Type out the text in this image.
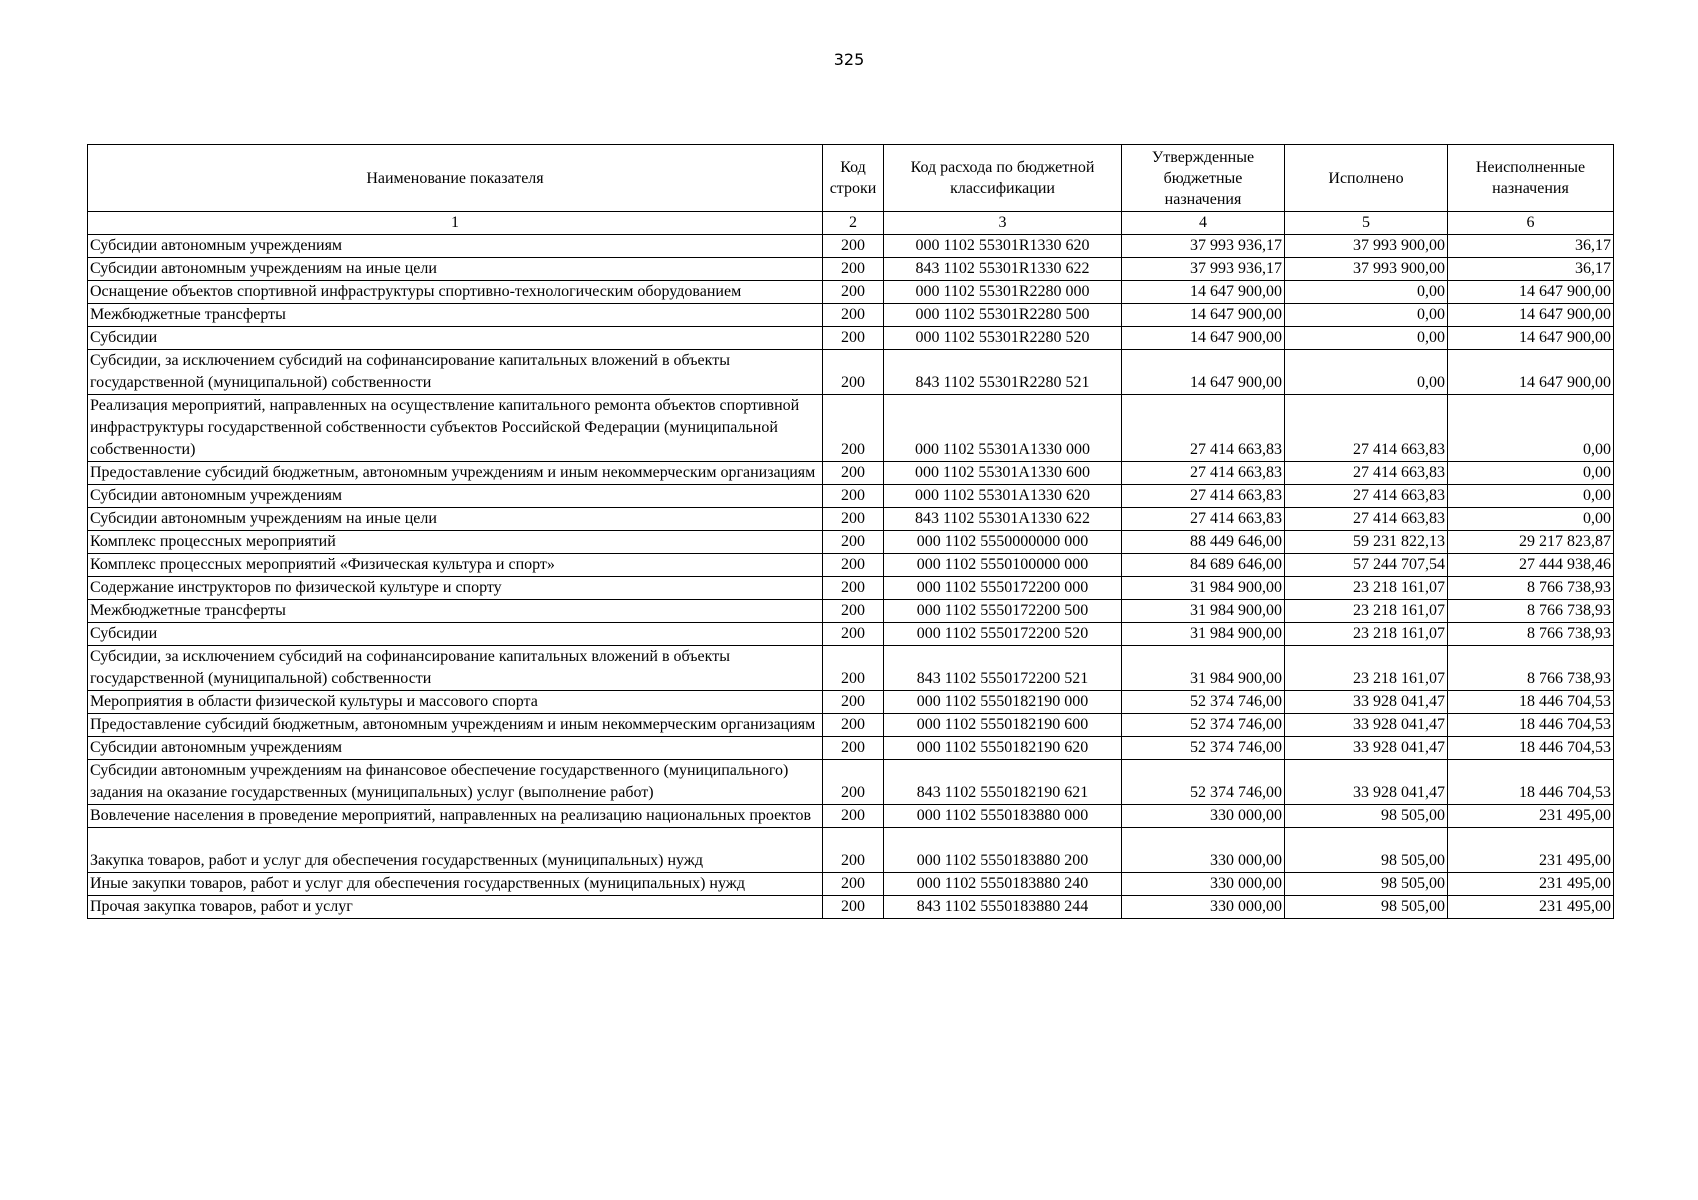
325
Наименование показателя	Код строки	Код расхода по бюджетной классификации	Утвержденные бюджетные назначения	Исполнено	Неисполненные назначения
1	2	3	4	5	6
Субсидии автономным учреждениям	200	000 1102 55301R1330 620	37 993 936,17	37 993 900,00	36,17
Субсидии автономным учреждениям на иные цели	200	843 1102 55301R1330 622	37 993 936,17	37 993 900,00	36,17
Оснащение объектов спортивной инфраструктуры спортивно-технологическим оборудованием	200	000 1102 55301R2280 000	14 647 900,00	0,00	14 647 900,00
Межбюджетные трансферты	200	000 1102 55301R2280 500	14 647 900,00	0,00	14 647 900,00
Субсидии	200	000 1102 55301R2280 520	14 647 900,00	0,00	14 647 900,00
Субсидии, за исключением субсидий на софинансирование капитальных вложений в объекты государственной (муниципальной) собственности	200	843 1102 55301R2280 521	14 647 900,00	0,00	14 647 900,00
Реализация мероприятий, направленных на осуществление капитального ремонта объектов спортивной инфраструктуры государственной собственности субъектов Российской Федерации (муниципальной собственности)	200	000 1102 55301A1330 000	27 414 663,83	27 414 663,83	0,00
Предоставление субсидий бюджетным, автономным учреждениям и иным некоммерческим организациям	200	000 1102 55301A1330 600	27 414 663,83	27 414 663,83	0,00
Субсидии автономным учреждениям	200	000 1102 55301A1330 620	27 414 663,83	27 414 663,83	0,00
Субсидии автономным учреждениям на иные цели	200	843 1102 55301A1330 622	27 414 663,83	27 414 663,83	0,00
Комплекс процессных мероприятий	200	000 1102 5550000000 000	88 449 646,00	59 231 822,13	29 217 823,87
Комплекс процессных мероприятий «Физическая культура и спорт»	200	000 1102 5550100000 000	84 689 646,00	57 244 707,54	27 444 938,46
Содержание инструкторов по физической культуре и спорту	200	000 1102 5550172200 000	31 984 900,00	23 218 161,07	8 766 738,93
Межбюджетные трансферты	200	000 1102 5550172200 500	31 984 900,00	23 218 161,07	8 766 738,93
Субсидии	200	000 1102 5550172200 520	31 984 900,00	23 218 161,07	8 766 738,93
Субсидии, за исключением субсидий на софинансирование капитальных вложений в объекты государственной (муниципальной) собственности	200	843 1102 5550172200 521	31 984 900,00	23 218 161,07	8 766 738,93
Мероприятия в области физической культуры и массового спорта	200	000 1102 5550182190 000	52 374 746,00	33 928 041,47	18 446 704,53
Предоставление субсидий бюджетным, автономным учреждениям и иным некоммерческим организациям	200	000 1102 5550182190 600	52 374 746,00	33 928 041,47	18 446 704,53
Субсидии автономным учреждениям	200	000 1102 5550182190 620	52 374 746,00	33 928 041,47	18 446 704,53
Субсидии автономным учреждениям на финансовое обеспечение государственного (муниципального) задания на оказание государственных (муниципальных) услуг (выполнение работ)	200	843 1102 5550182190 621	52 374 746,00	33 928 041,47	18 446 704,53
Вовлечение населения в проведение мероприятий, направленных на реализацию национальных проектов	200	000 1102 5550183880 000	330 000,00	98 505,00	231 495,00
Закупка товаров, работ и услуг для обеспечения государственных (муниципальных) нужд	200	000 1102 5550183880 200	330 000,00	98 505,00	231 495,00
Иные закупки товаров, работ и услуг для обеспечения государственных (муниципальных) нужд	200	000 1102 5550183880 240	330 000,00	98 505,00	231 495,00
Прочая закупка товаров, работ и услуг	200	843 1102 5550183880 244	330 000,00	98 505,00	231 495,00
